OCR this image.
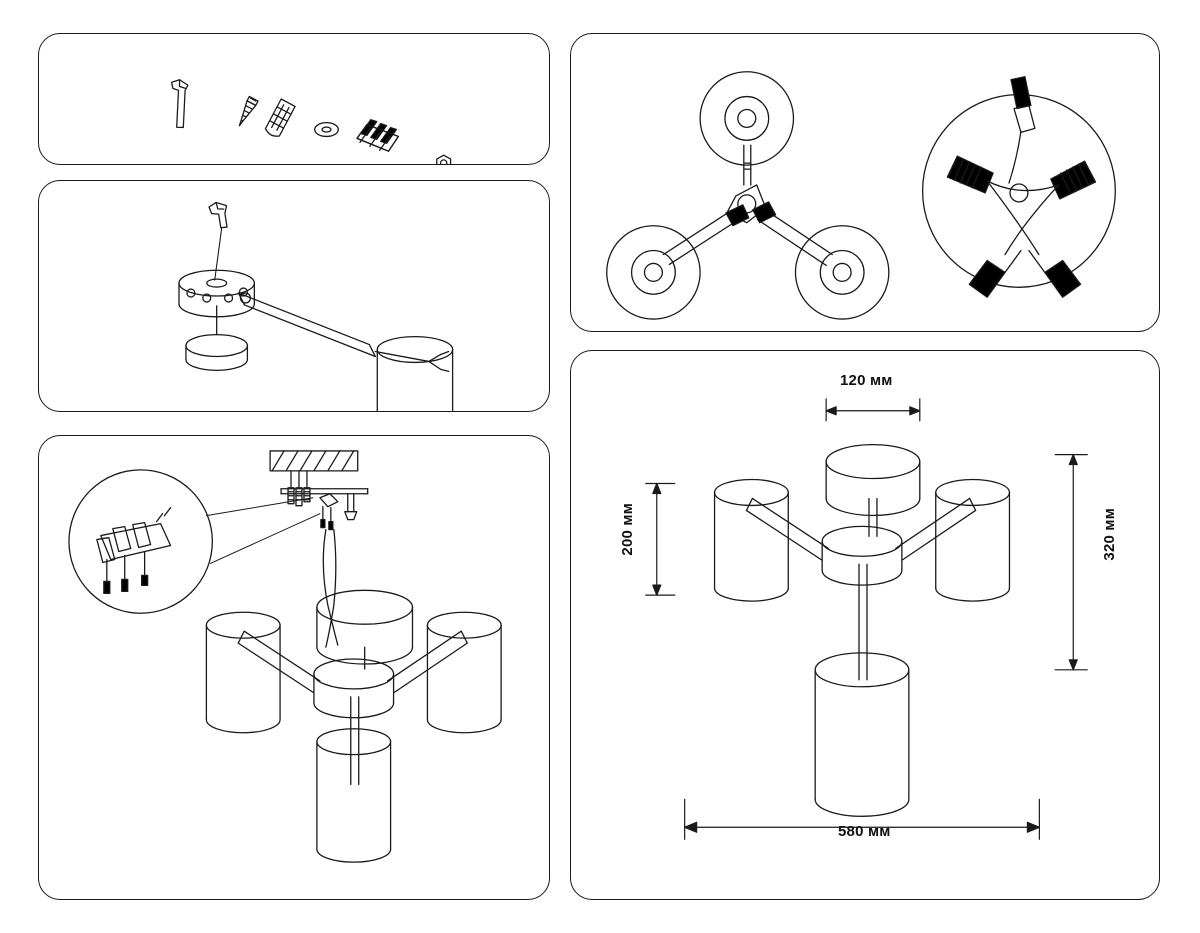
120 мм
580 мм
200 мм	320 мм
